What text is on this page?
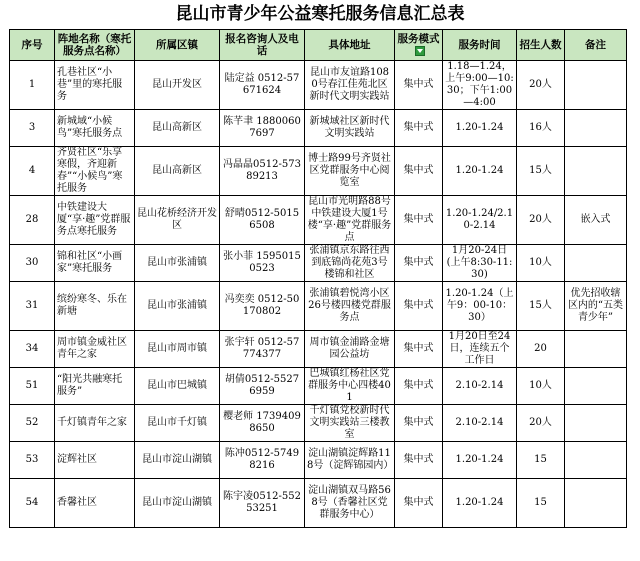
昆山市青少年公益寒托服务信息汇总表
序号	阵地名称（寒托服务点名称）	所属区镇	报名咨询人及电话	具体地址	服务模式	服务时间	招生人数	备注
1	孔巷社区“小巷”里的寒托服务	昆山开发区	陆定益 0512-57671624	昆山市友谊路1080号春江佳苑北区新时代文明实践站	集中式	1.18—1.24，上午9:00—10:30；下午1:00—4:00	20人	
3	新城域“小候鸟”寒托服务点	昆山高新区	陈芊聿 18800607697	新城域社区新时代文明实践站	集中式	1.20-1.24	16人	
4	齐贤社区“乐享寒假，齐迎新春”“小候鸟”寒托服务	昆山高新区	冯晶晶0512-57389213	博士路99号齐贤社区党群服务中心阅览室	集中式	1.20-1.24	15人	
28	中铁建设大厦“享·趣”党群服务点寒托服务	昆山花桥经济开发区	舒晴0512-50156508	昆山市光明路88号中铁建设大厦1号楼“享·趣”党群服务点	集中式	1.20-1.24/2.10-2.14	20人	嵌入式
30	锦和社区“小画家”寒托服务	昆山市张浦镇	张小菲 15950150523	张浦镇京东路往西到底锦尚花苑3号楼锦和社区	集中式	1月20-24日(上午8:30-11:30)	10人	
31	缤纷寒冬、乐在新塘	昆山市张浦镇	冯奕奕 0512-50170802	张浦镇碧悦湾小区26号楼四楼党群服务点	集中式	1.20-1.24（上午9：00-10：30）	15人	优先招收辖区内的“五类青少年”
34	周市镇金威社区青年之家	昆山市周市镇	张宇轩 0512-57774377	周市镇金浦路金塘园公益坊	集中式	1月20日至24日，连续五个工作日	20	
51	“阳光共融寒托服务”	昆山市巴城镇	胡倩0512-55276959	巴城镇红杨社区党群服务中心四楼401	集中式	2.10-2.14	10人	
52	千灯镇青年之家	昆山市千灯镇	樱老师 17394098650	千灯镇党校新时代文明实践站三楼教室	集中式	2.10-2.14	20人	
53	淀辉社区	昆山市淀山湖镇	陈冲0512-57498216	淀山湖镇淀辉路118号（淀辉锦园内）	集中式	1.20-1.24	15	
54	香馨社区	昆山市淀山湖镇	陈宇凌0512-55253251	淀山湖镇双马路568号（香馨社区党群服务中心）	集中式	1.20-1.24	15	
